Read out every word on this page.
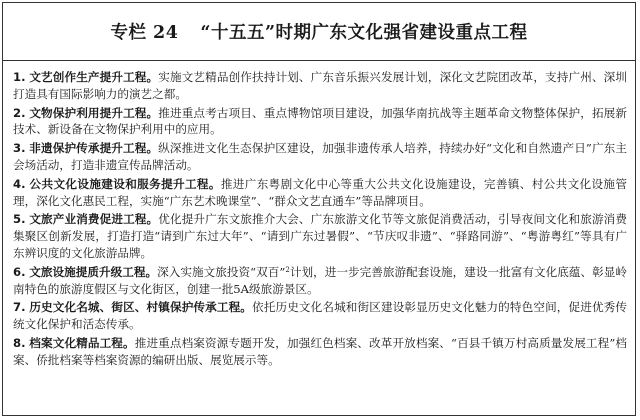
专栏 24 “十五五”时期广东文化强省建设重点工程

1. 文艺创作生产提升工程。实施文艺精品创作扶持计划、广东音乐振兴发展计划，深化文艺院团改革，支持广州、深圳打造具有国际影响力的演艺之都。

2. 文物保护利用提升工程。推进重点考古项目、重点博物馆项目建设，加强华南抗战等主题革命文物整体保护，拓展新技术、新设备在文物保护利用中的应用。

3. 非遗保护传承提升工程。纵深推进文化生态保护区建设，加强非遗传承人培养，持续办好“文化和自然遗产日”广东主会场活动，打造非遗宣传品牌活动。

4. 公共文化设施建设和服务提升工程。推进广东粤剧文化中心等重大公共文化设施建设，完善镇、村公共文化设施管理，深化文化惠民工程，实施“广东艺术晚课堂”、“群众文艺直通车”等品牌项目。

5. 文旅产业消费促进工程。优化提升广东文旅推介大会、广东旅游文化节等文旅促消费活动，引导夜间文化和旅游消费集聚区创新发展，打造打造“请到广东过大年”、“请到广东过暑假”、“节庆叹非遗”、“驿路同游”、“粤游粤红”等具有广东辨识度的文化旅游品牌。

6. 文旅设施提质升级工程。深入实施文旅投资“双百”$^2$计划，进一步完善旅游配套设施，建设一批富有文化底蕴、彰显岭南特色的旅游度假区与文化街区，创建一批5A级旅游景区。

7. 历史文化名城、街区、村镇保护传承工程。依托历史文化名城和街区建设彰显历史文化魅力的特色空间，促进优秀传统文化保护和活态传承。

8. 档案文化精品工程。推进重点档案资源专题开发，加强红色档案、改革开放档案、“百县千镇万村高质量发展工程”档案、侨批档案等档案资源的编研出版、展览展示等。
